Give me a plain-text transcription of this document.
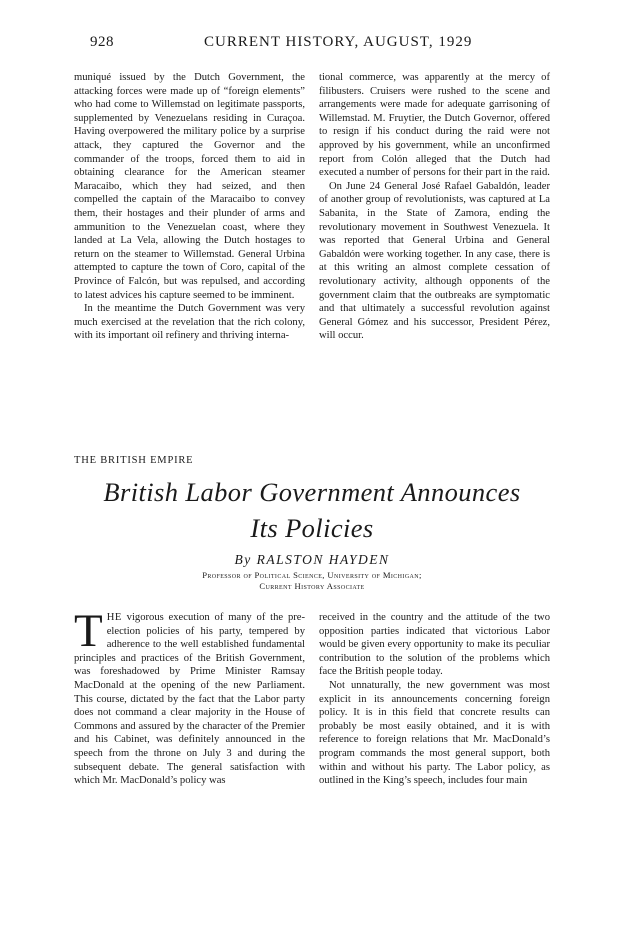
928	CURRENT HISTORY, AUGUST, 1929

muniqué issued by the Dutch Government, the attacking forces were made up of “foreign elements” who had come to Willemstad on legitimate passports, supplemented by Venezuelans residing in Curaçoa. Having overpowered the military police by a surprise attack, they captured the Governor and the commander of the troops, forced them to aid in obtaining clearance for the American steamer Maracaibo, which they had seized, and then compelled the captain of the Maracaibo to convey them, their hostages and their plunder of arms and ammunition to the Venezuelan coast, where they landed at La Vela, allowing the Dutch hostages to return on the steamer to Willemstad. General Urbina attempted to capture the town of Coro, capital of the Province of Falcón, but was repulsed, and according to latest advices his capture seemed to be imminent.

In the meantime the Dutch Government was very much exercised at the revelation that the rich colony, with its important oil refinery and thriving interna-

tional commerce, was apparently at the mercy of filibusters. Cruisers were rushed to the scene and arrangements were made for adequate garrisoning of Willemstad. M. Fruytier, the Dutch Governor, offered to resign if his conduct during the raid were not approved by his government, while an unconfirmed report from Colón alleged that the Dutch had executed a number of persons for their part in the raid.

On June 24 General José Rafael Gabaldón, leader of another group of revolutionists, was captured at La Sabanita, in the State of Zamora, ending the revolutionary movement in Southwest Venezuela. It was reported that General Urbina and General Gabaldón were working together. In any case, there is at this writing an almost complete cessation of revolutionary activity, although opponents of the government claim that the outbreaks are symptomatic and that ultimately a successful revolution against General Gómez and his successor, President Pérez, will occur.

THE BRITISH EMPIRE
British Labor Government Announces
Its Policies
By RALSTON HAYDEN
Professor of Political Science, University of Michigan;
Current History Associate

THE vigorous execution of many of the pre-election policies of his party, tempered by adherence to the well established fundamental principles and practices of the British Government, was foreshadowed by Prime Minister Ramsay MacDonald at the opening of the new Parliament. This course, dictated by the fact that the Labor party does not command a clear majority in the House of Commons and assured by the character of the Premier and his Cabinet, was definitely announced in the speech from the throne on July 3 and during the subsequent debate. The general satisfaction with which Mr. MacDonald’s policy was

received in the country and the attitude of the two opposition parties indicated that victorious Labor would be given every opportunity to make its peculiar contribution to the solution of the problems which face the British people today.

Not unnaturally, the new government was most explicit in its announcements concerning foreign policy. It is in this field that concrete results can probably be most easily obtained, and it is with reference to foreign relations that Mr. MacDonald’s program commands the most general support, both within and without his party. The Labor policy, as outlined in the King’s speech, includes four main
